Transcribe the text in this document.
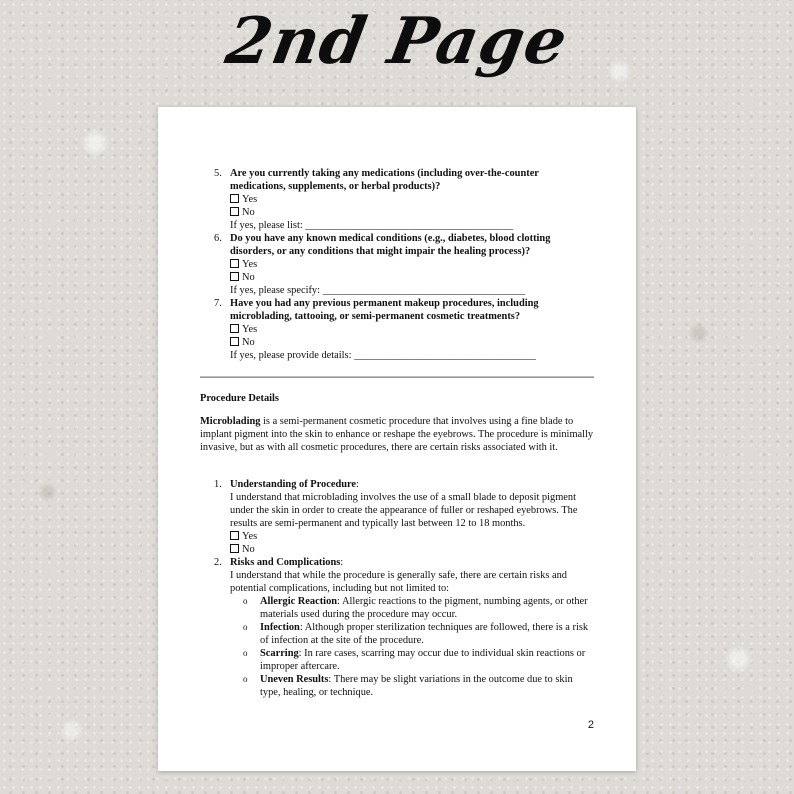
2nd Page
5. Are you currently taking any medications (including over-the-counter medications, supplements, or herbal products)?
Yes
No
If yes, please list: ________________________________________
6. Do you have any known medical conditions (e.g., diabetes, blood clotting disorders, or any conditions that might impair the healing process)?
Yes
No
If yes, please specify: _______________________________________
7. Have you had any previous permanent makeup procedures, including microblading, tattooing, or semi-permanent cosmetic treatments?
Yes
No
If yes, please provide details: ___________________________________
Procedure Details
Microblading is a semi-permanent cosmetic procedure that involves using a fine blade to implant pigment into the skin to enhance or reshape the eyebrows. The procedure is minimally invasive, but as with all cosmetic procedures, there are certain risks associated with it.
1. Understanding of Procedure:
I understand that microblading involves the use of a small blade to deposit pigment under the skin in order to create the appearance of fuller or reshaped eyebrows. The results are semi-permanent and typically last between 12 to 18 months.
Yes
No
2. Risks and Complications:
I understand that while the procedure is generally safe, there are certain risks and potential complications, including but not limited to:
o Allergic Reaction: Allergic reactions to the pigment, numbing agents, or other materials used during the procedure may occur.
o Infection: Although proper sterilization techniques are followed, there is a risk of infection at the site of the procedure.
o Scarring: In rare cases, scarring may occur due to individual skin reactions or improper aftercare.
o Uneven Results: There may be slight variations in the outcome due to skin type, healing, or technique.
2
